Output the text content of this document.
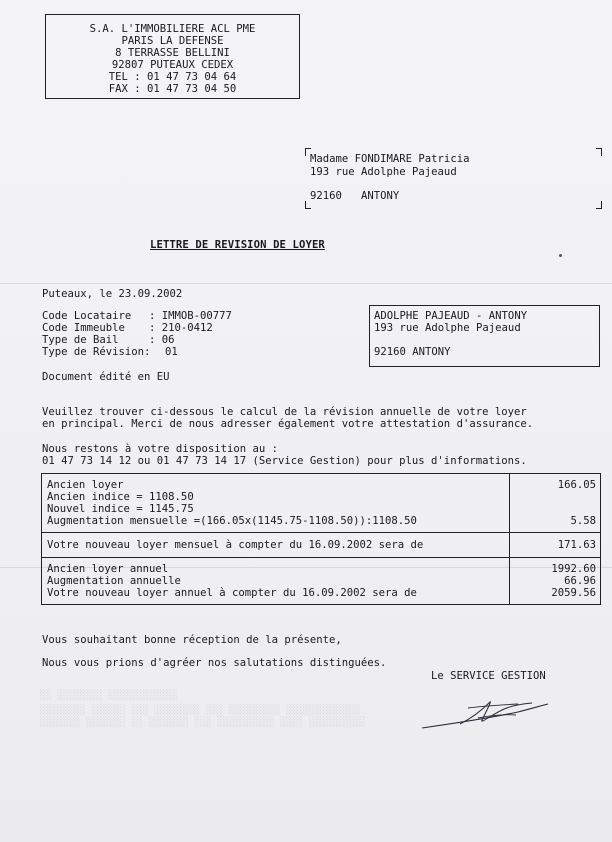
S.A. L'IMMOBILIERE ACL PME
PARIS LA DEFENSE
8 TERRASSE BELLINI
92807 PUTEAUX CEDEX
TEL : 01 47 73 04 64
FAX : 01 47 73 04 50
Madame FONDIMARE Patricia
193 rue Adolphe Pajeaud
92160   ANTONY
LETTRE DE REVISION DE LOYER
Puteaux, le 23.09.2002
Code Locataire : IMMOB-00777
Code Immeuble : 210-0412
Type de Bail	: 06
Type de Révision: 01
ADOLPHE PAJEAUD - ANTONY
193 rue Adolphe Pajeaud
92160 ANTONY
Document édité en EU
Veuillez trouver ci-dessous le calcul de la révision annuelle de votre loyer
en principal. Merci de nous adresser également votre attestation d'assurance.
Nous restons à votre disposition au :
01 47 73 14 12 ou 01 47 73 14 17 (Service Gestion) pour plus d'informations.
Ancien loyer	166.05
Ancien indice = 1108.50
Nouvel indice = 1145.75
Augmentation mensuelle =(166.05x(1145.75-1108.50)):1108.50	5.58
Votre nouveau loyer mensuel à compter du 16.09.2002 sera de	171.63
Ancien loyer annuel	1992.60
Augmentation annuelle	66.96
Votre nouveau loyer annuel à compter du 16.09.2002 sera de	2059.56
Vous souhaitant bonne réception de la présente,
Nous vous prions d'agréer nos salutations distinguées.
Le SERVICE GESTION
░░ ░░░░░░░░ ░░░░░░░░░░░░
░░░░░░░░ ░░░░░░ ░░░ ░░░░░░░░ ░░░ ░░░░░░░░░ ░░░░░░░░░░░░░
░░░░░░░ ░░░░░░░ ░░ ░░░░░░░ ░░░ ░░░░░░░░░░ ░░░░ ░░░░░░░░░░
